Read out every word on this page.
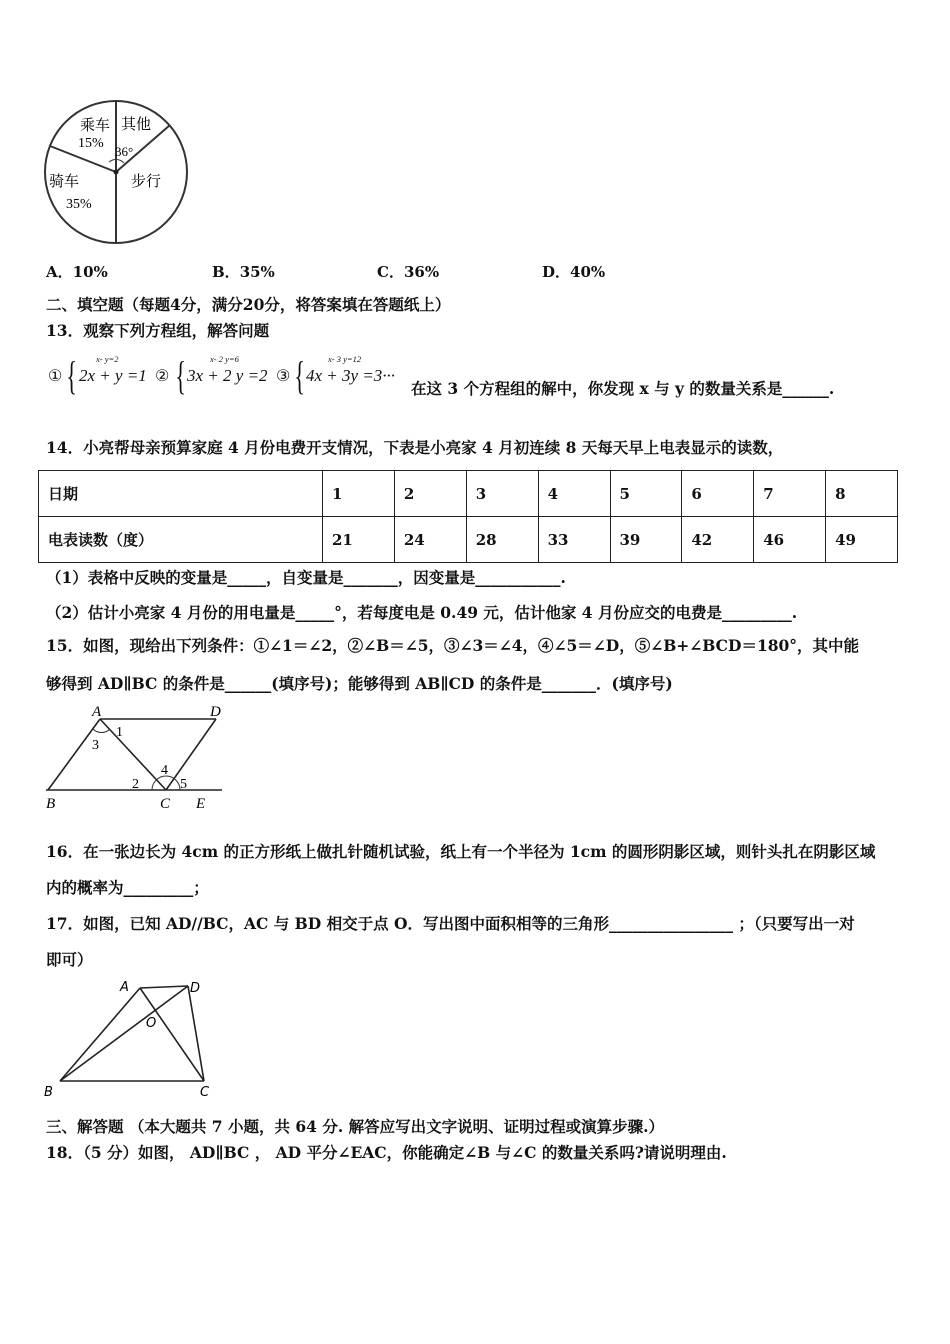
乘车
15%
其他
36°
骑车
35%
步行
A．10%	B．35%	C．36%	D．40%
二、填空题（每题4分，满分20分，将答案填在答题纸上）
13．观察下列方程组，解答问题
① { x- y=2
2x + y =1 ② {	x- 2 y=6
3x + 2 y =2 ③ {	x- 3 y=12
4x + 3y =3···
在这 3 个方程组的解中，你发现 x 与 y 的数量关系是______.
14．小亮帮母亲预算家庭 4 月份电费开支情况，下表是小亮家 4 月初连续 8 天每天早上电表显示的读数，
日期	1	2	3	4	5	6	7	8
电表读数（度）	21	24	28	33	39	42	46	49
（1）表格中反映的变量是_____，自变量是_______，因变量是___________.
（2）估计小亮家 4 月份的用电量是_____°，若每度电是 0.49 元，估计他家 4 月份应交的电费是_________.
15．如图，现给出下列条件：①∠1＝∠2，②∠B＝∠5，③∠3＝∠4，④∠5＝∠D，⑤∠B+∠BCD＝180°，其中能
够得到 AD∥BC 的条件是______(填序号)；能够得到 AB∥CD 的条件是_______．(填序号)
A	D
B	C E
1
3
2
4
5
16．在一张边长为 4cm 的正方形纸上做扎针随机试验，纸上有一个半径为 1cm 的圆形阴影区域，则针头扎在阴影区域
内的概率为_________；
17．如图，已知 AD//BC，AC 与 BD 相交于点 O．写出图中面积相等的三角形________________ ；（只要写出一对
即可）
A	D
O
B	C
三、解答题 （本大题共 7 小题，共 64 分. 解答应写出文字说明、证明过程或演算步骤.）
18．（5 分）如图， AD∥BC ， AD 平分∠EAC，你能确定∠B 与∠C 的数量关系吗?请说明理由.
